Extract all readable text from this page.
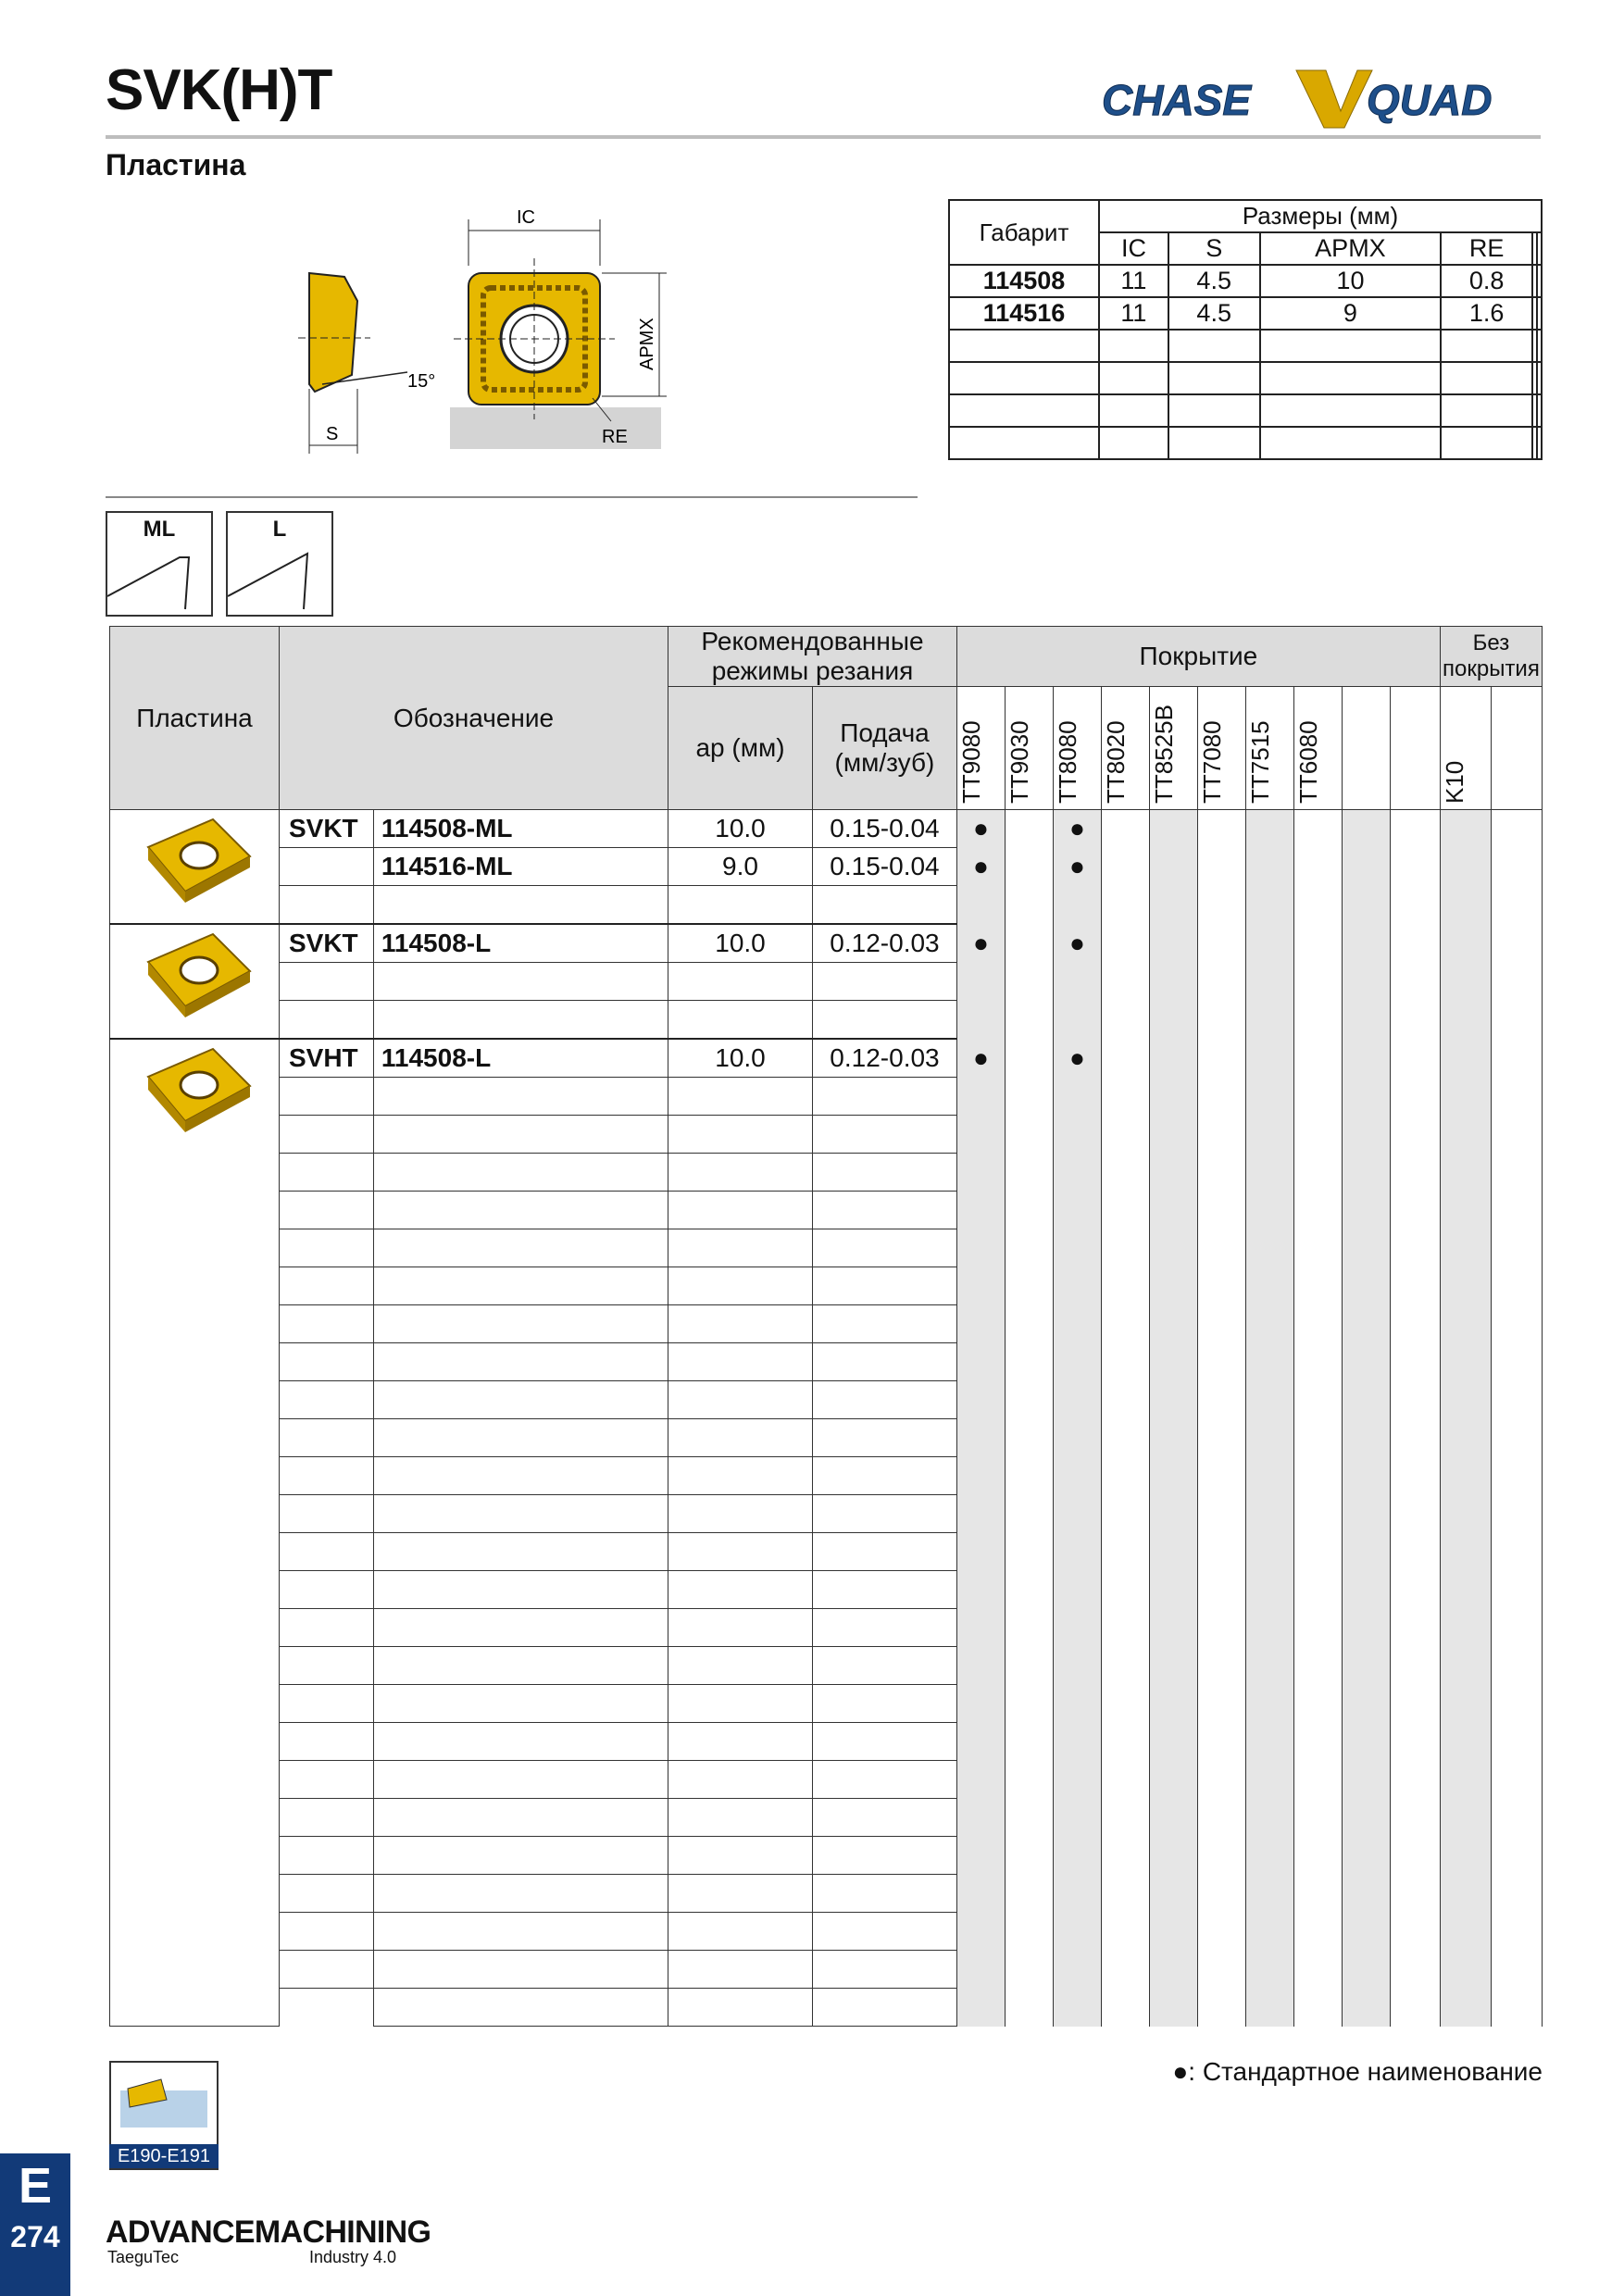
SVK(H)T
Пластина
CHASE	QUAD
S
15°
IC
APMX
RE
Габарит	Размеры (мм)					
	IC	S	APMX	RE		
114508	11	4.5	10	0.8		
114516	11	4.5	9	1.6		

ML	L
Пластина	Обозначение		Рекомендованные режимы резания		Покрытие										Без покрытия	
			ap (мм)	Подача (мм/зуб)	TT9080	TT9030	TT8080	TT8020	TT8525B	TT7080	TT7515	TT6080			K10	

	SVKT	114508-ML	10.0	0.15-0.04	●		●									
		114516-ML	9.0	0.15-0.04	●		●									

	SVKT	114508-L	10.0	0.12-0.03	●		●									

	SVHT	114508-L	10.0	0.12-0.03	●		●									

●: Стандартное наименование
E190-E191
E
274	ADVANCEMACHINING
TaeguTec	Industry 4.0
